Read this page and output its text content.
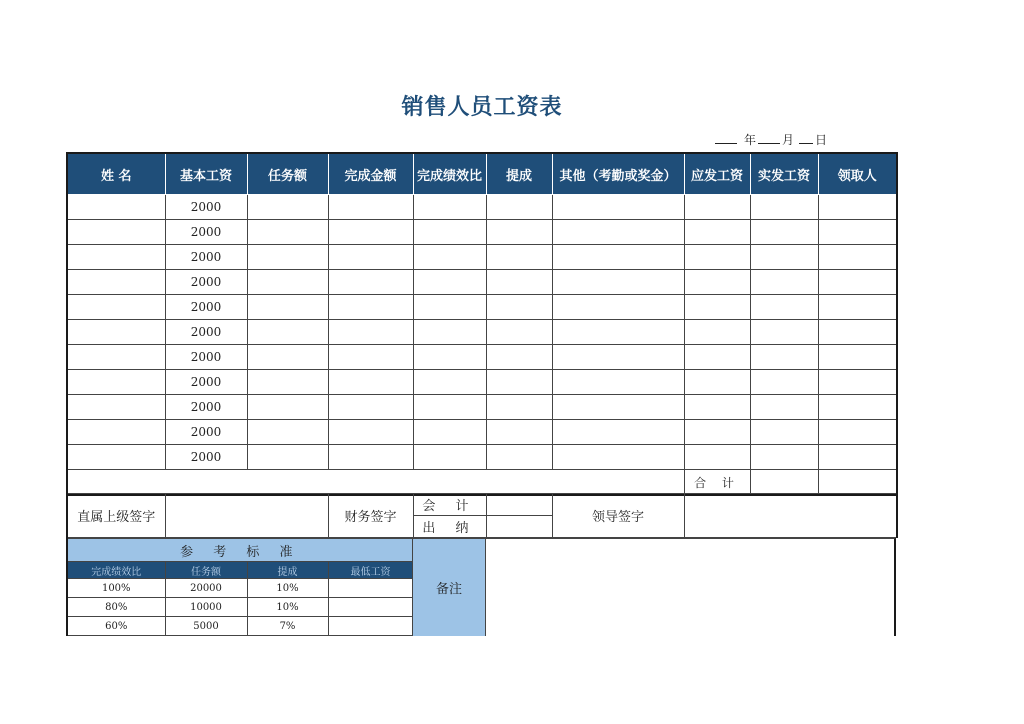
销售人员工资表
年 月 日
姓 名	基本工资	任务额	完成金额	完成绩效比	提成	其他（考勤或奖金）	应发工资	实发工资	领取人
	2000								
	2000								
	2000								
	2000								
	2000								
	2000								
	2000								
	2000								
	2000								
	2000								
	2000								
							合 计		
直属上级签字		财务签字	会 计		领导签字	
			出 纳			
参 考 标 准			
完成绩效比	任务额	提成	最低工资
100%	20000	10%	
80%	10000	10%	
60%	5000	7%	
备注
